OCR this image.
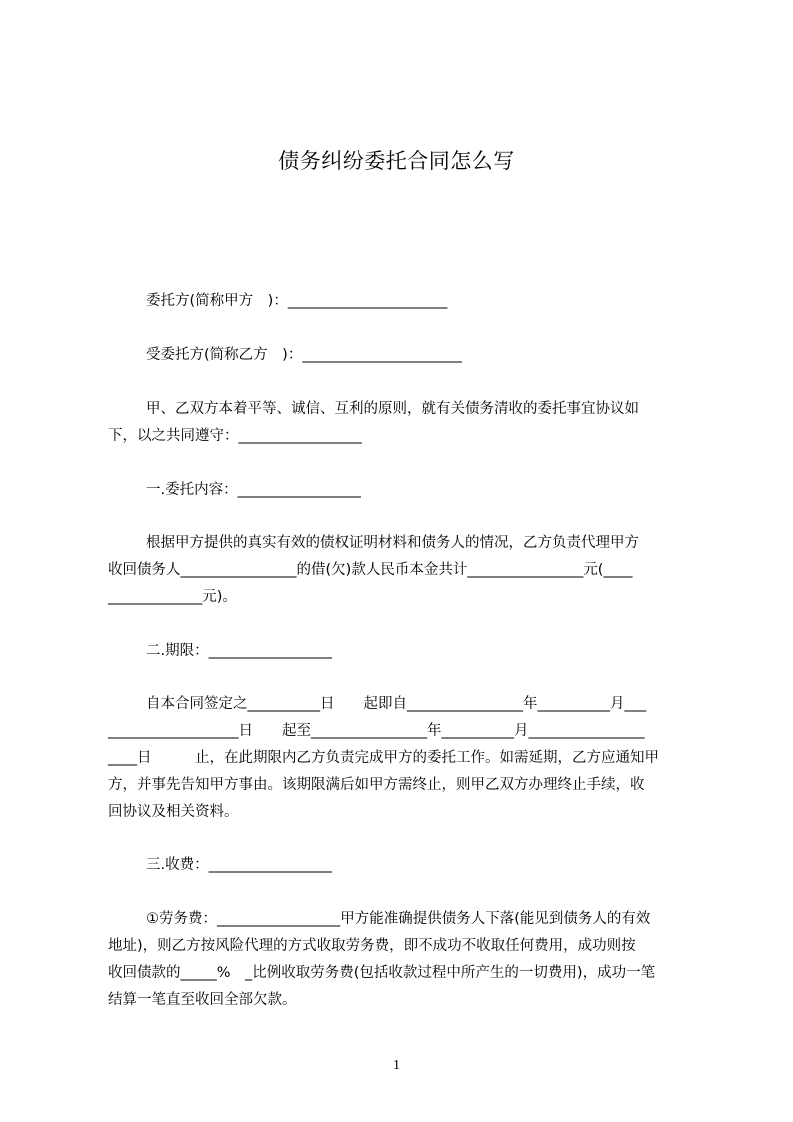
债务纠纷委托合同怎么写
委托方(简称甲方　)：______________________
受委托方(简称乙方　)：______________________
甲、乙双方本着平等、诚信、互利的原则，就有关债务清收的委托事宜协议如
下，以之共同遵守：_________________
一.委托内容：_________________
根据甲方提供的真实有效的债权证明材料和债务人的情况，乙方负责代理甲方
收回债务人________________的借(欠)款人民币本金共计________________元(____
_____________元)。
二.期限：_________________
自本合同签定之__________日　　起即自________________年__________月___
__________________日　　起至________________年__________月________________
____日　　　止，在此期限内乙方负责完成甲方的委托工作。如需延期，乙方应通知甲
方，并事先告知甲方事由。该期限满后如甲方需终止，则甲乙双方办理终止手续，收
回协议及相关资料。
三.收费：_________________
①劳务费：_________________甲方能准确提供债务人下落(能见到债务人的有效
地址)，则乙方按风险代理的方式收取劳务费，即不成功不收取任何费用，成功则按
收回债款的_____%　_比例收取劳务费(包括收款过程中所产生的一切费用)，成功一笔
结算一笔直至收回全部欠款。
1
